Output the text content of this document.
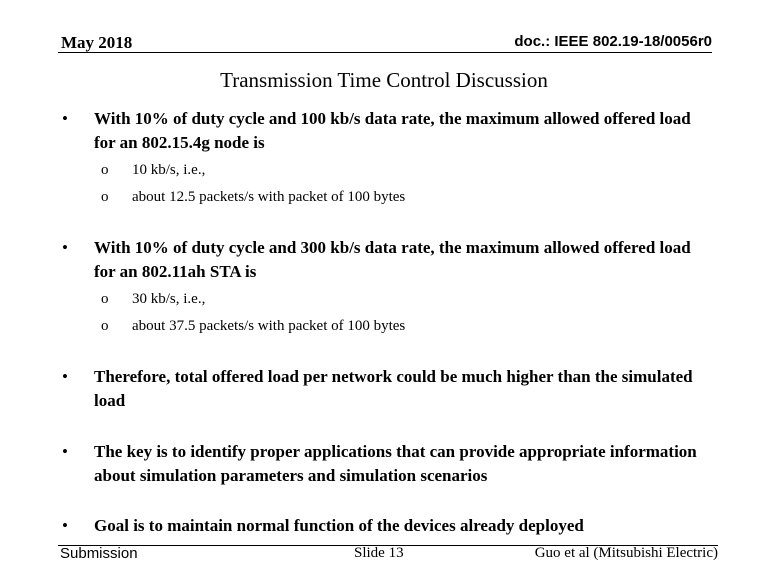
May 2018	doc.: IEEE 802.19-18/0056r0
Transmission Time Control Discussion
•	With 10% of duty cycle and 100 kb/s data rate, the maximum allowed offered load for an 802.15.4g node is
o 10 kb/s, i.e.,
o about 12.5 packets/s with packet of 100 bytes
•	With 10% of duty cycle and 300 kb/s data rate, the maximum allowed offered load for an 802.11ah STA is
o 30 kb/s, i.e.,
o about 37.5 packets/s with packet of 100 bytes
•	Therefore, total offered load per network could be much higher than the simulated load
•	The key is to identify proper applications that can provide appropriate information about simulation parameters and simulation scenarios
•	Goal is to maintain normal function of the devices already deployed
Submission	Slide 13	Guo et al (Mitsubishi Electric)
